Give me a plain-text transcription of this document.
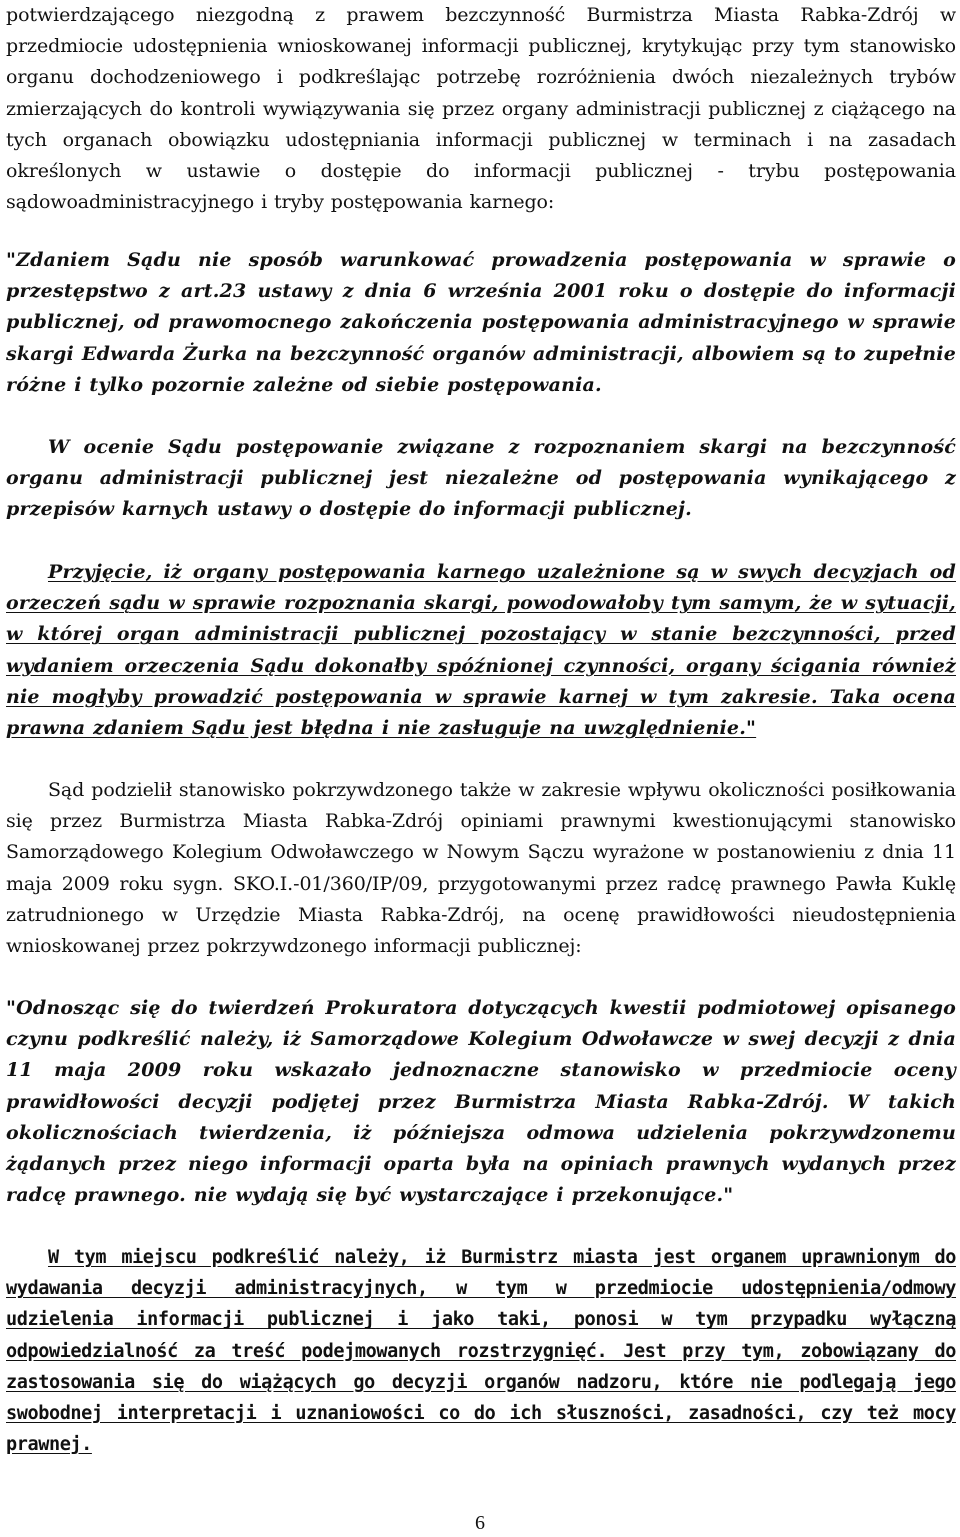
potwierdzającego niezgodną z prawem bezczynność Burmistrza Miasta Rabka-Zdrój w przedmiocie udostępnienia wnioskowanej informacji publicznej, krytykując przy tym stanowisko organu dochodzeniowego i podkreślając potrzebę rozróżnienia dwóch niezależnych trybów zmierzających do kontroli wywiązywania się przez organy administracji publicznej z ciążącego na tych organach obowiązku udostępniania informacji publicznej w terminach i na zasadach określonych w ustawie o dostępie do informacji publicznej - trybu postępowania sądowoadministracyjnego i tryby postępowania karnego:

"Zdaniem Sądu nie sposób warunkować prowadzenia postępowania w sprawie o przestępstwo z art.23 ustawy z dnia 6 września 2001 roku o dostępie do informacji publicznej, od prawomocnego zakończenia postępowania administracyjnego w sprawie skargi Edwarda Żurka na bezczynność organów administracji, albowiem są to zupełnie różne i tylko pozornie zależne od siebie postępowania.

W ocenie Sądu postępowanie związane z rozpoznaniem skargi na bezczynność organu administracji publicznej jest niezależne od postępowania wynikającego z przepisów karnych ustawy o dostępie do informacji publicznej.

Przyjęcie, iż organy postępowania karnego uzależnione są w swych decyzjach od orzeczeń sądu w sprawie rozpoznania skargi, powodowałoby tym samym, że w sytuacji, w której organ administracji publicznej pozostający w stanie bezczynności, przed wydaniem orzeczenia Sądu dokonałby spóźnionej czynności, organy ścigania również nie mogłyby prowadzić postępowania w sprawie karnej w tym zakresie. Taka ocena prawna zdaniem Sądu jest błędna i nie zasługuje na uwzględnienie."

Sąd podzielił stanowisko pokrzywdzonego także w zakresie wpływu okoliczności posiłkowania się przez Burmistrza Miasta Rabka-Zdrój opiniami prawnymi kwestionującymi stanowisko Samorządowego Kolegium Odwoławczego w Nowym Sączu wyrażone w postanowieniu z dnia 11 maja 2009 roku sygn. SKO.I.-01/360/IP/09, przygotowanymi przez radcę prawnego Pawła Kuklę zatrudnionego w Urzędzie Miasta Rabka-Zdrój, na ocenę prawidłowości nieudostępnienia wnioskowanej przez pokrzywdzonego informacji publicznej:

"Odnosząc się do twierdzeń Prokuratora dotyczących kwestii podmiotowej opisanego czynu podkreślić należy, iż Samorządowe Kolegium Odwoławcze w swej decyzji z dnia 11 maja 2009 roku wskazało jednoznaczne stanowisko w przedmiocie oceny prawidłowości decyzji podjętej przez Burmistrza Miasta Rabka-Zdrój. W takich okolicznościach twierdzenia, iż późniejsza odmowa udzielenia pokrzywdzonemu żądanych przez niego informacji oparta była na opiniach prawnych wydanych przez radcę prawnego. nie wydają się być wystarczające i przekonujące."

W tym miejscu podkreślić należy, iż Burmistrz miasta jest organem uprawnionym do wydawania decyzji administracyjnych, w tym w przedmiocie udostępnienia/odmowy udzielenia informacji publicznej i jako taki, ponosi w tym przypadku wyłączną odpowiedzialność za treść podejmowanych rozstrzygnięć. Jest przy tym, zobowiązany do zastosowania się do wiążących go decyzji organów nadzoru, które nie podlegają jego swobodnej interpretacji i uznaniowości co do ich słuszności, zasadności, czy też mocy prawnej.

6
